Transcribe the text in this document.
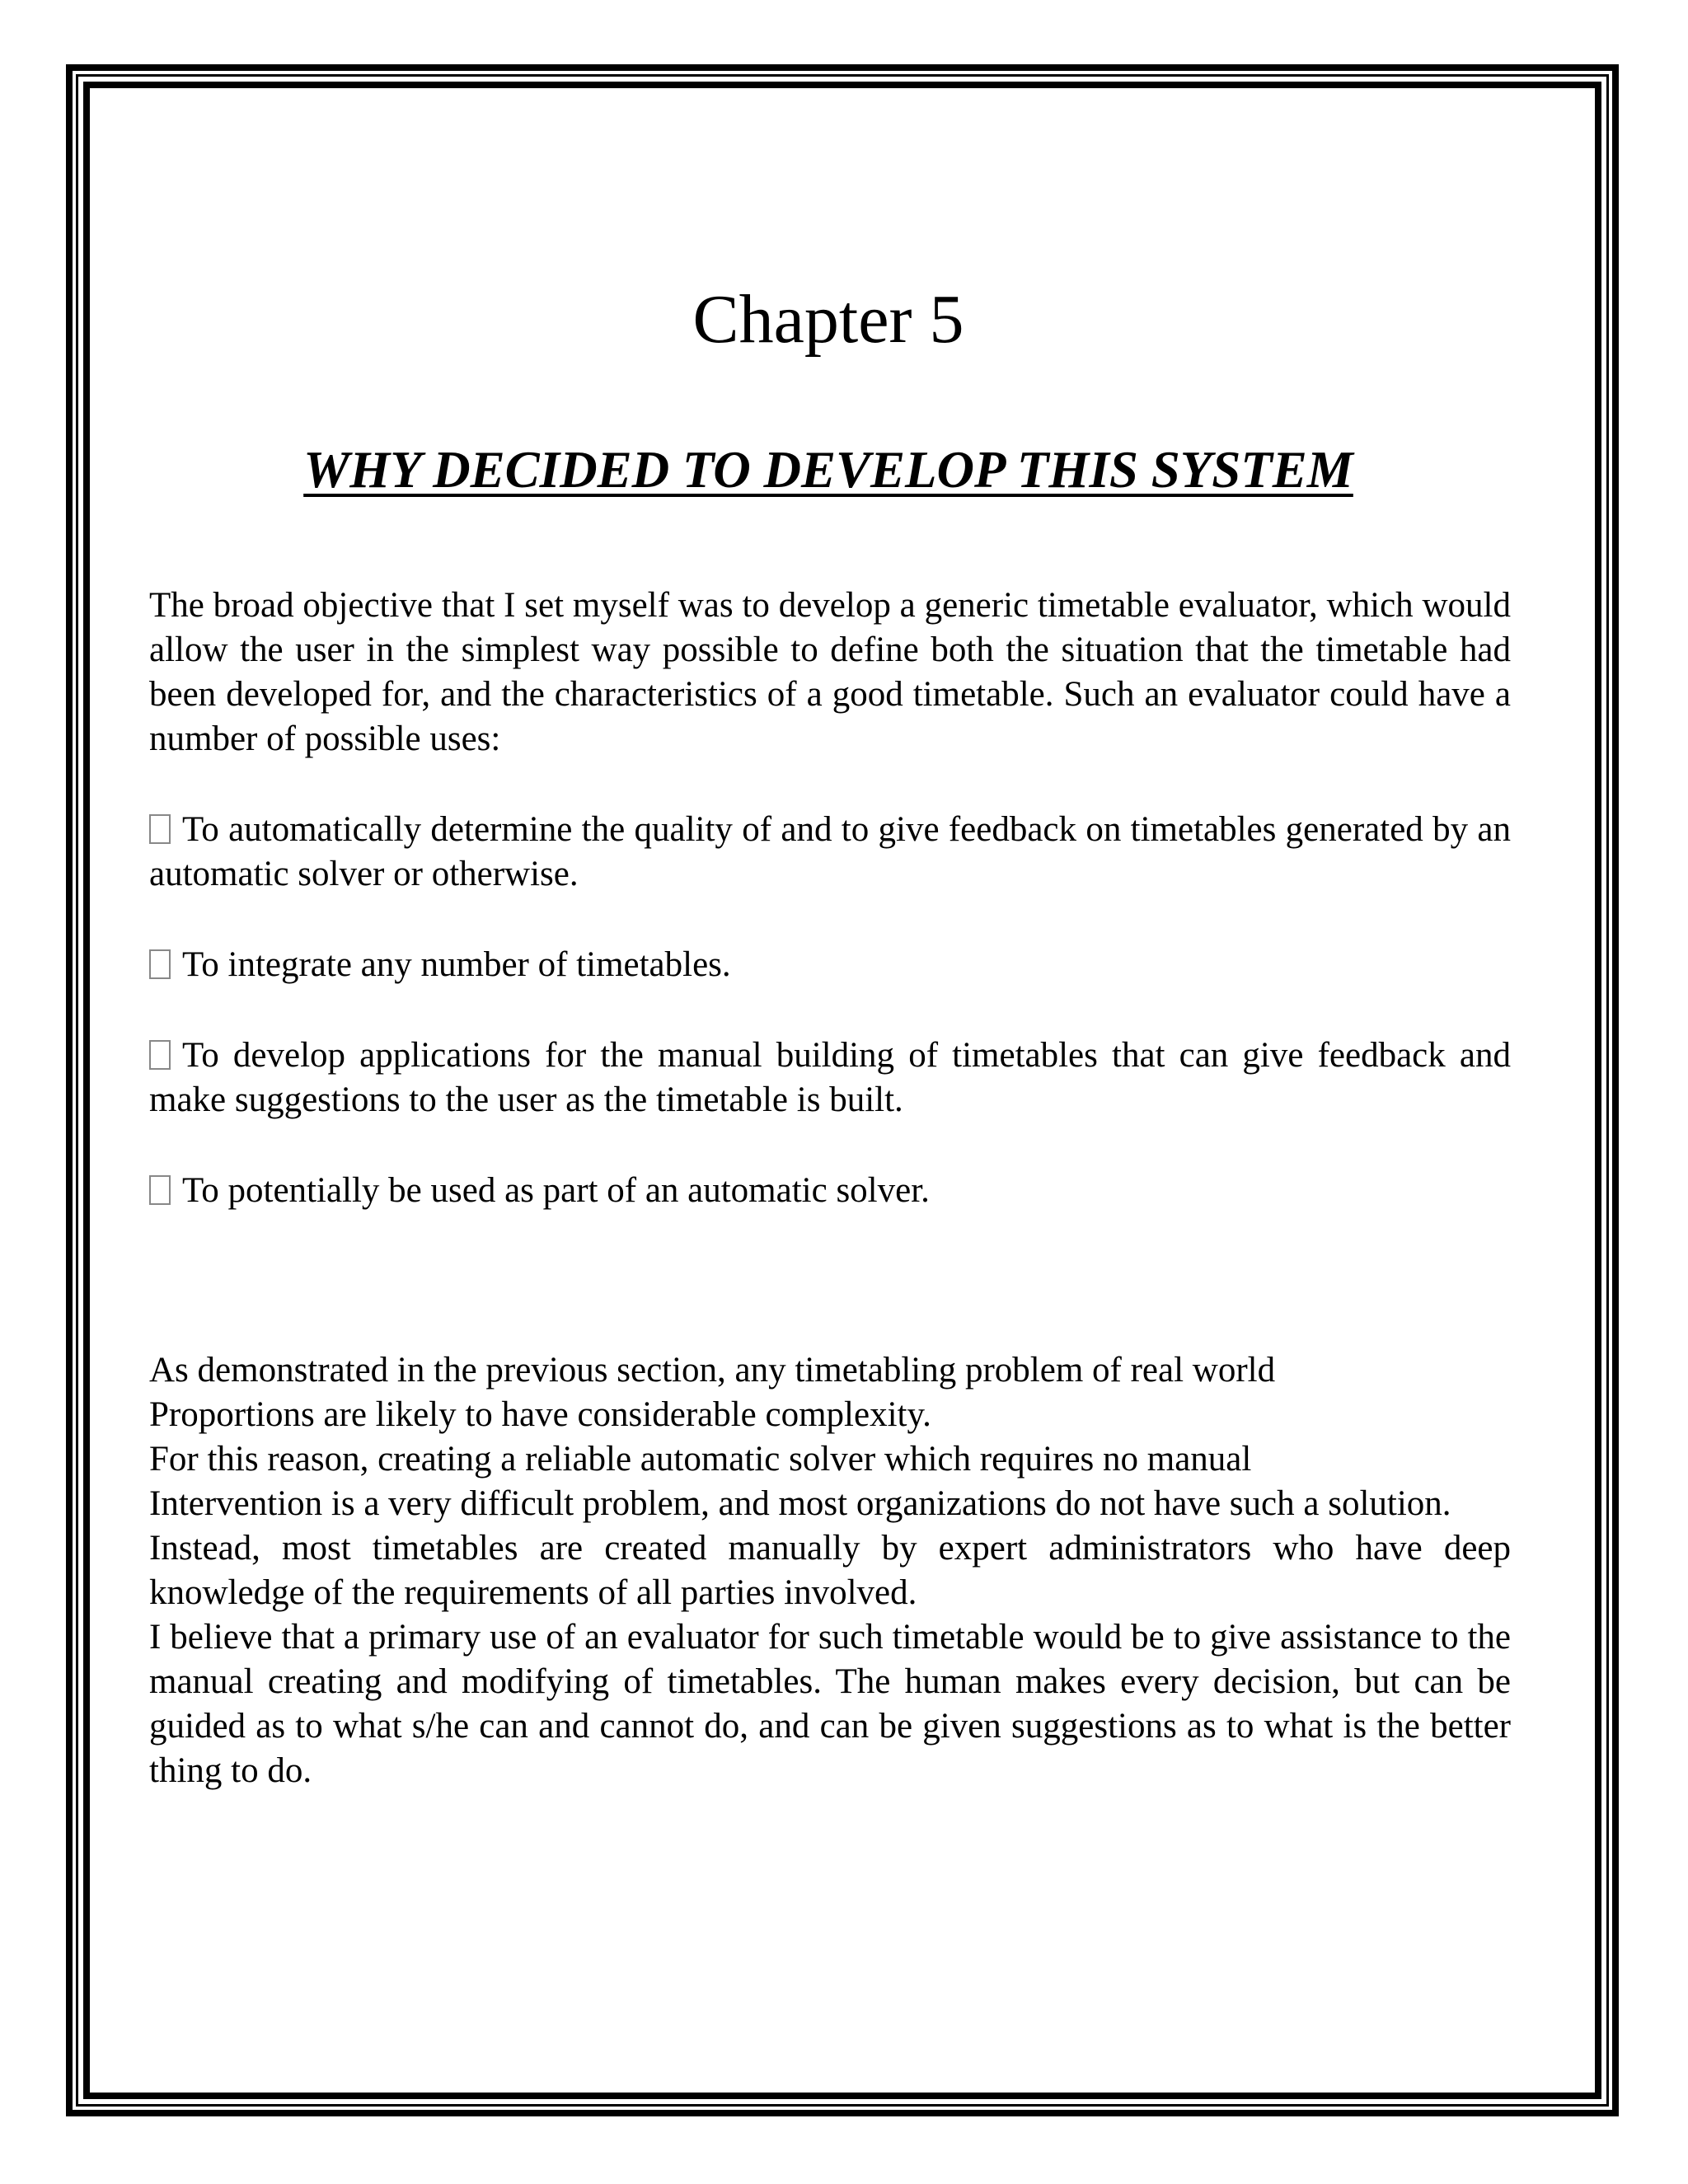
Chapter 5
WHY DECIDED TO DEVELOP THIS SYSTEM

The broad objective that I set myself was to develop a generic timetable evaluator, which would allow the user in the simplest way possible to define both the situation that the timetable had been developed for, and the characteristics of a good timetable. Such an evaluator could have a number of possible uses:

To automatically determine the quality of and to give feedback on timetables generated by an automatic solver or otherwise.

To integrate any number of timetables.

To develop applications for the manual building of timetables that can give feedback and make suggestions to the user as the timetable is built.

To potentially be used as part of an automatic solver.

As demonstrated in the previous section, any timetabling problem of real world
Proportions are likely to have considerable complexity.
For this reason, creating a reliable automatic solver which requires no manual
Intervention is a very difficult problem, and most organizations do not have such a solution.
Instead, most timetables are created manually by expert administrators who have deep knowledge of the requirements of all parties involved.
I believe that a primary use of an evaluator for such timetable would be to give assistance to the manual creating and modifying of timetables. The human makes every decision, but can be guided as to what s/he can and cannot do, and can be given suggestions as to what is the better thing to do.
